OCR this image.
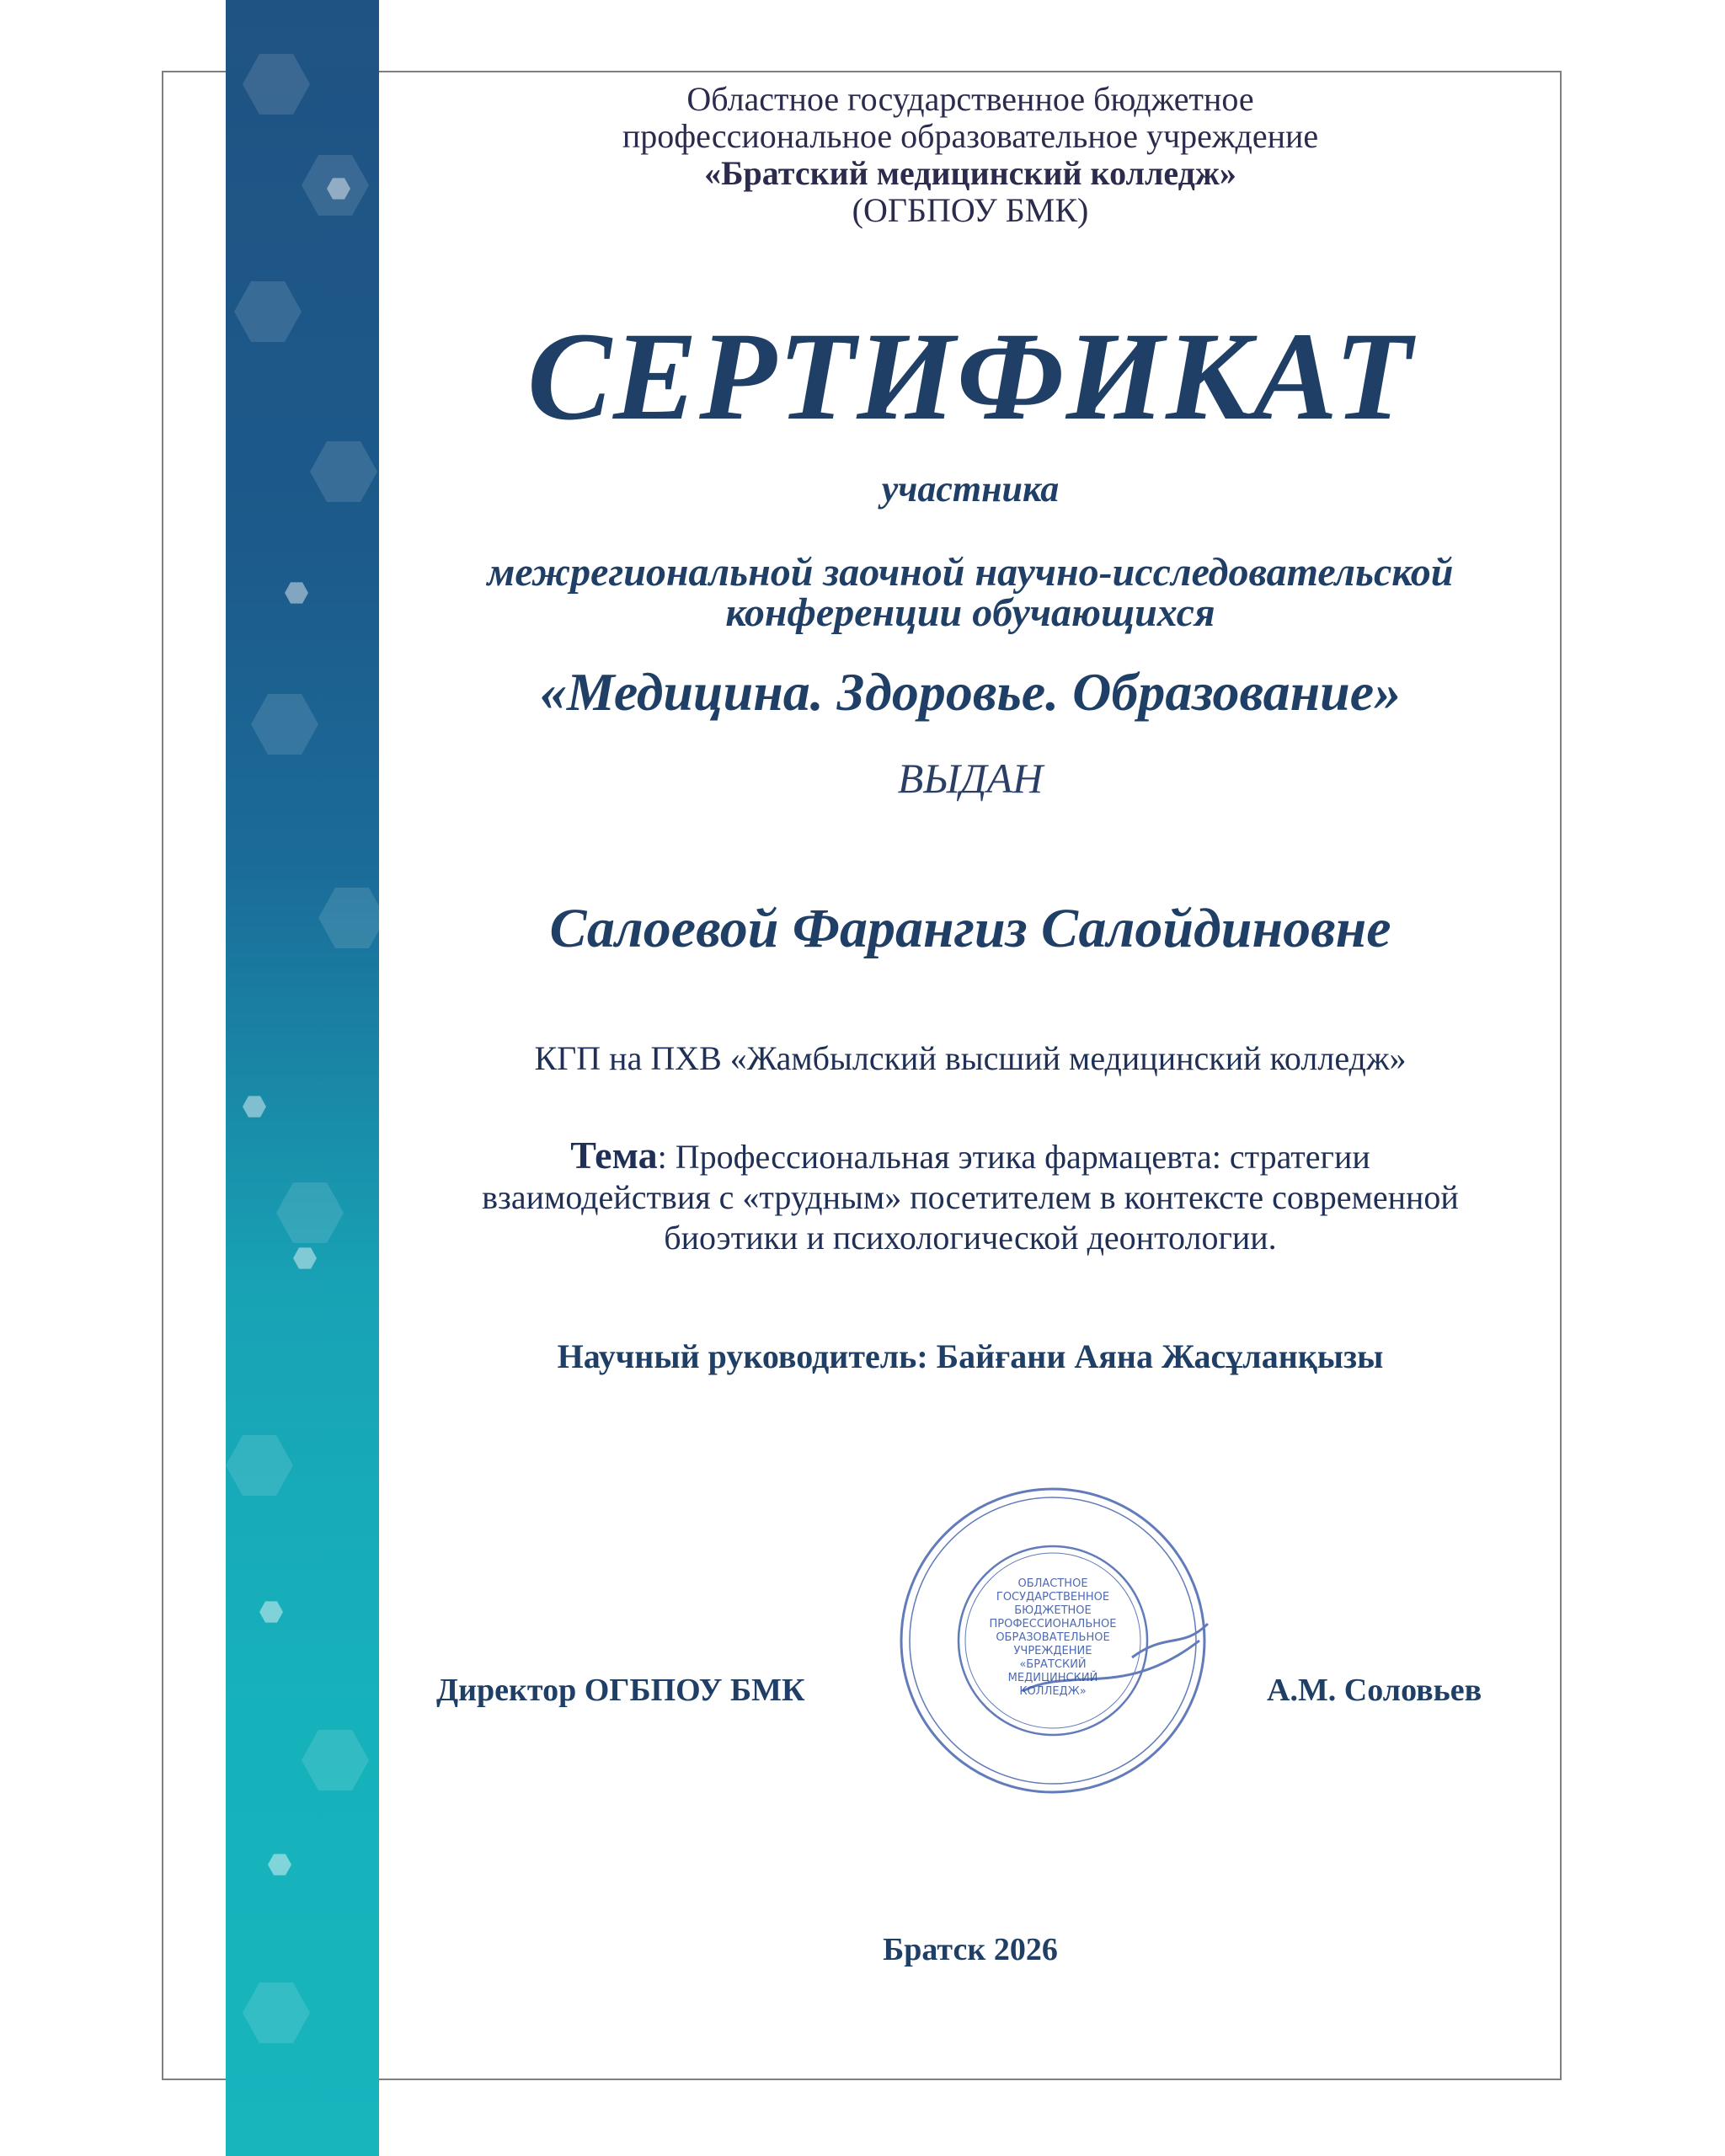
Областное государственное бюджетное
профессиональное образовательное учреждение
«Братский медицинский колледж»
(ОГБПОУ БМК)
СЕРТИФИКАТ
участника
межрегиональной заочной научно-исследовательской
конференции обучающихся
«Медицина. Здоровье. Образование»
ВЫДАН
Салоевой Фарангиз Салойдиновне
КГП на ПХВ «Жамбылский высший медицинский колледж»
Тема: Профессиональная этика фармацевта: стратегии
взаимодействия с «трудным» посетителем в контексте современной
биоэтики и психологической деонтологии.
Научный руководитель: Байғани Аяна Жасұланқызы
ОБЛАСТНОЕ
ГОСУДАРСТВЕННОЕ
БЮДЖЕТНОЕ
ПРОФЕССИОНАЛЬНОЕ
ОБРАЗОВАТЕЛЬНОЕ
УЧРЕЖДЕНИЕ
«БРАТСКИЙ
МЕДИЦИНСКИЙ
КОЛЛЕДЖ»
Директор ОГБПОУ БМК	А.М. Соловьев
Братск 2026
